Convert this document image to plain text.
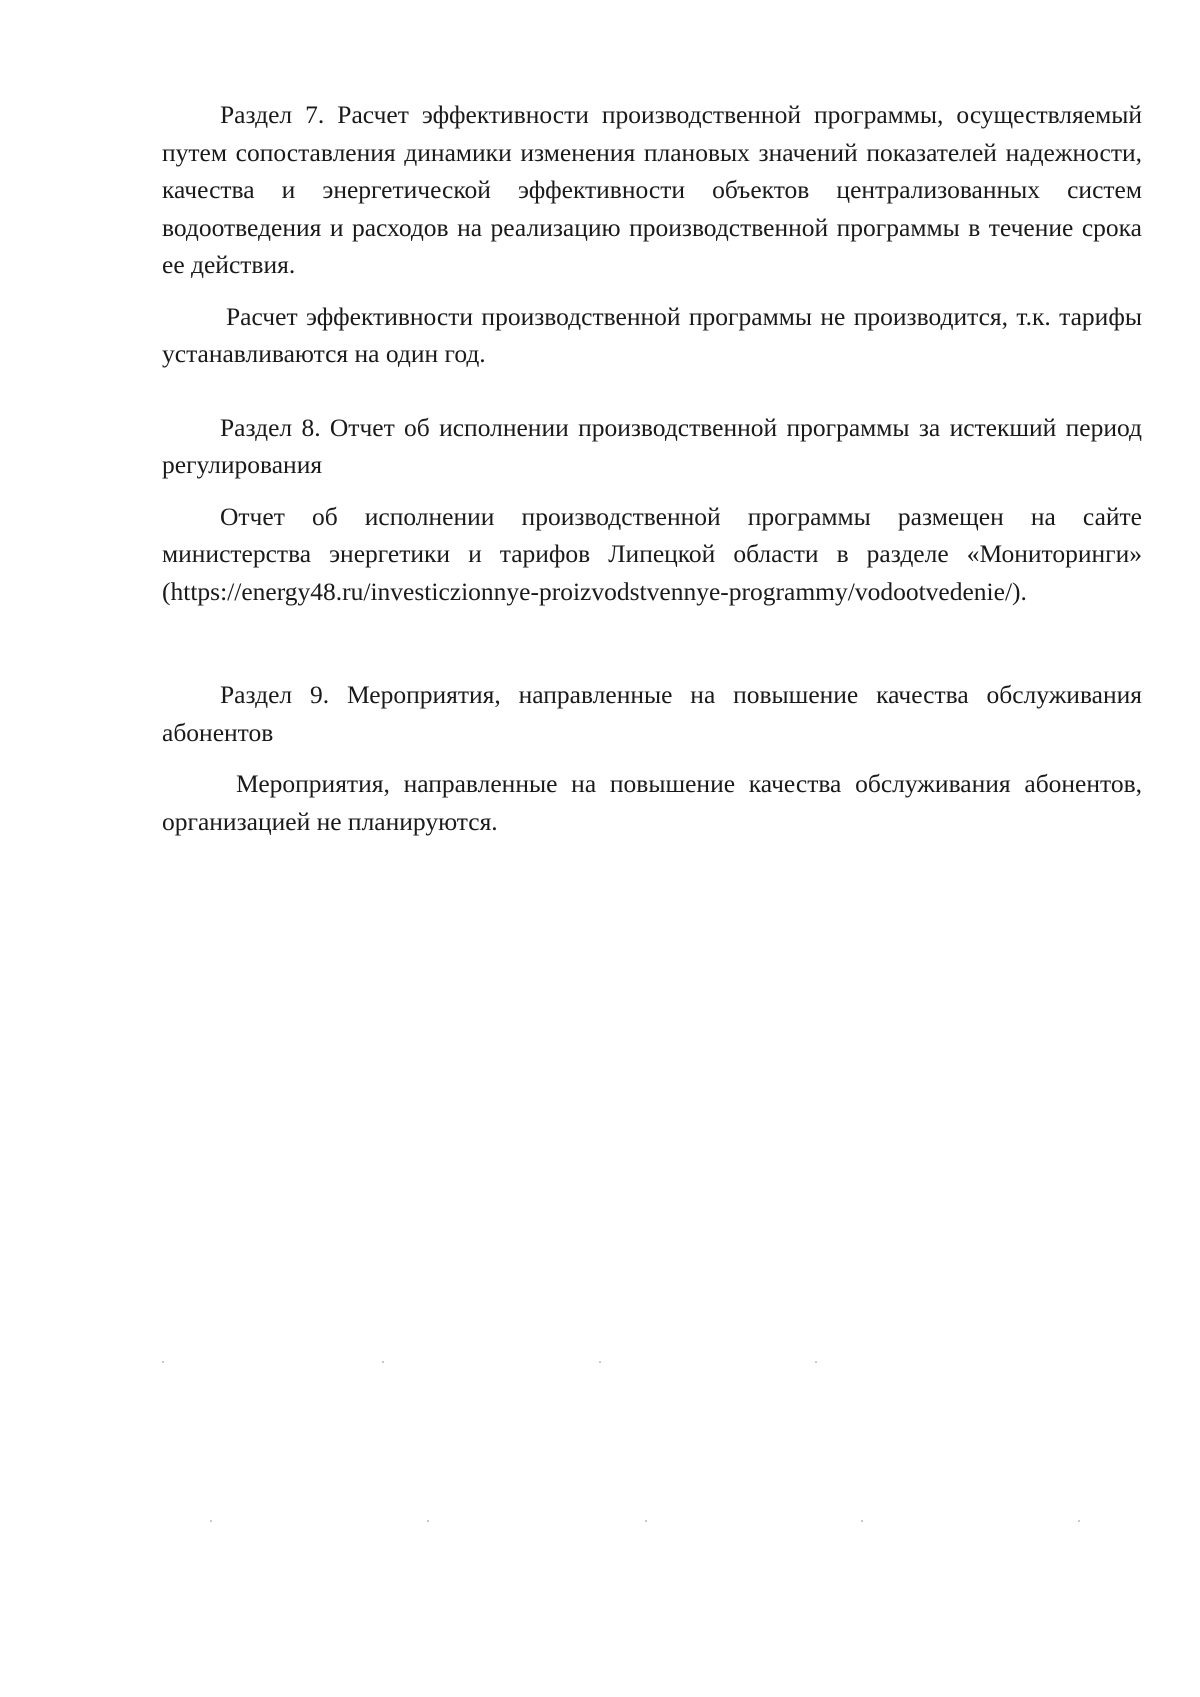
Раздел 7. Расчет эффективности производственной программы, осуществляемый путем сопоставления динамики изменения плановых значений показателей надежности, качества и энергетической эффективности объектов централизованных систем водоотведения и расходов на реализацию производственной программы в течение срока ее действия.

Расчет эффективности производственной программы не производится, т.к. тарифы устанавливаются на один год.

Раздел 8. Отчет об исполнении производственной программы за истекший период регулирования

Отчет об исполнении производственной программы размещен на сайте министерства энергетики и тарифов Липецкой области в разделе «Мониторинги» (https://energy48.ru/investiczionnye-proizvodstvennye-programmy/vodootvedenie/).

Раздел 9. Мероприятия, направленные на повышение качества обслуживания абонентов

Мероприятия, направленные на повышение качества обслуживания абонентов, организацией не планируются.
